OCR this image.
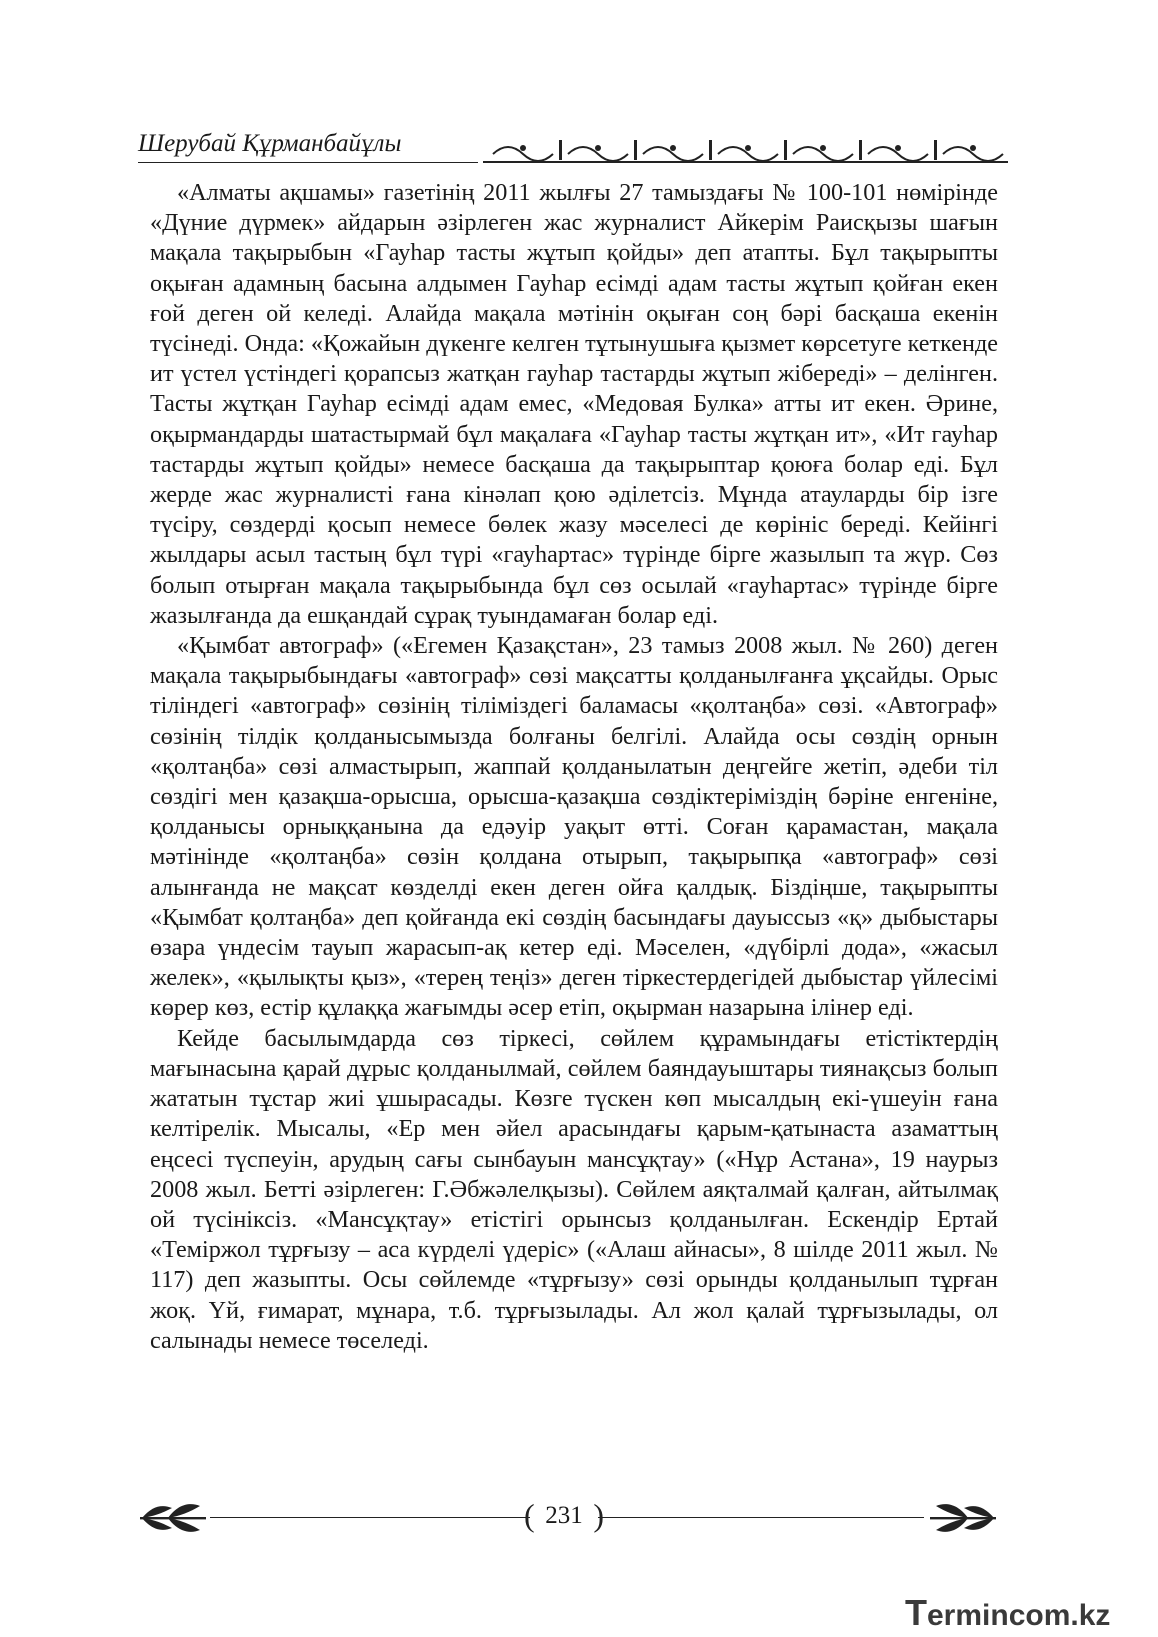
Шерубай Құрманбайұлы

«Алматы ақшамы» газетінің 2011 жылғы 27 тамыздағы № 100-101 нөмірінде «Дүние дүрмек» айдарын әзірлеген жас журналист Айкерім Раисқызы шағын мақала тақырыбын «Гауһар тасты жұтып қойды» деп атапты. Бұл тақырыпты оқыған адамның басына алдымен Гауһар есімді адам тасты жұтып қойған екен ғой деген ой келеді. Алайда мақала мәтінін оқыған соң бәрі басқаша екенін түсінеді. Онда: «Қожайын дүкенге келген тұтынушыға қызмет көрсетуге кеткенде ит үстел үстіндегі қорапсыз жатқан гауһар тастарды жұтып жібереді» – делінген. Тасты жұтқан Гауһар есімді адам емес, «Медовая Булка» атты ит екен. Әрине, оқырмандарды шатастырмай бұл мақалаға «Гауһар тасты жұтқан ит», «Ит гауһар тастарды жұтып қойды» немесе басқаша да тақырыптар қоюға болар еді. Бұл жерде жас журналисті ғана кінәлап қою әділетсіз. Мұнда атауларды бір ізге түсіру, сөздерді қосып немесе бөлек жазу мәселесі де көрініс береді. Кейінгі жылдары асыл тастың бұл түрі «гауһартас» түрінде бірге жазылып та жүр. Сөз болып отырған мақала тақырыбында бұл сөз осылай «гауһартас» түрінде бірге жазылғанда да ешқандай сұрақ туындамаған болар еді.

«Қымбат автограф» («Егемен Қазақстан», 23 тамыз 2008 жыл. № 260) деген мақала тақырыбындағы «автограф» сөзі мақсатты қолданылғанға ұқсайды. Орыс тіліндегі «автограф» сөзінің тіліміздегі баламасы «қолтаңба» сөзі. «Автограф» сөзінің тілдік қолданысымызда болғаны белгілі. Алайда осы сөздің орнын «қолтаңба» сөзі алмастырып, жаппай қолданылатын деңгейге жетіп, әдеби тіл сөздігі мен қазақша-орысша, орысша-қазақша сөздіктеріміздің бәріне енгеніне, қолданысы орныққанына да едәуір уақыт өтті. Соған қарамастан, мақала мәтінінде «қолтаңба» сөзін қолдана отырып, тақырыпқа «автограф» сөзі алынғанда не мақсат көзделді екен деген ойға қалдық. Біздіңше, тақырыпты «Қымбат қолтаңба» деп қойғанда екі сөздің басындағы дауыссыз «қ» дыбыстары өзара үндесім тауып жарасып-ақ кетер еді. Мәселен, «дүбірлі дода», «жасыл желек», «қылықты қыз», «терең теңіз» деген тіркестердегідей дыбыстар үйлесімі көрер көз, естір құлаққа жағымды әсер етіп, оқырман назарына ілінер еді.

Кейде басылымдарда сөз тіркесі, сөйлем құрамындағы етістіктердің мағынасына қарай дұрыс қолданылмай, сөйлем баяндауыштары тиянақсыз болып жататын тұстар жиі ұшырасады. Көзге түскен көп мысалдың екі-үшеуін ғана келтірелік. Мысалы, «Ер мен әйел арасындағы қарым-қатынаста азаматтың еңсесі түспеуін, арудың сағы сынбауын мансұқтау» («Нұр Астана», 19 наурыз 2008 жыл. Бетті әзірлеген: Г.Әбжәлелқызы). Сөйлем аяқталмай қалған, айтылмақ ой түсініксіз. «Мансұқтау» етістігі орынсыз қолданылған. Ескендір Ертай «Теміржол тұрғызу – аса күрделі үдеріс» («Алаш айнасы», 8 шілде 2011 жыл. № 117) деп жазыпты. Осы сөйлемде «тұрғызу» сөзі орынды қолданылып тұрған жоқ. Үй, ғимарат, мұнара, т.б. тұрғызылады. Ал жол қалай тұрғызылады, ол салынады немесе төселеді.

( 231 )
Termincom.kz
